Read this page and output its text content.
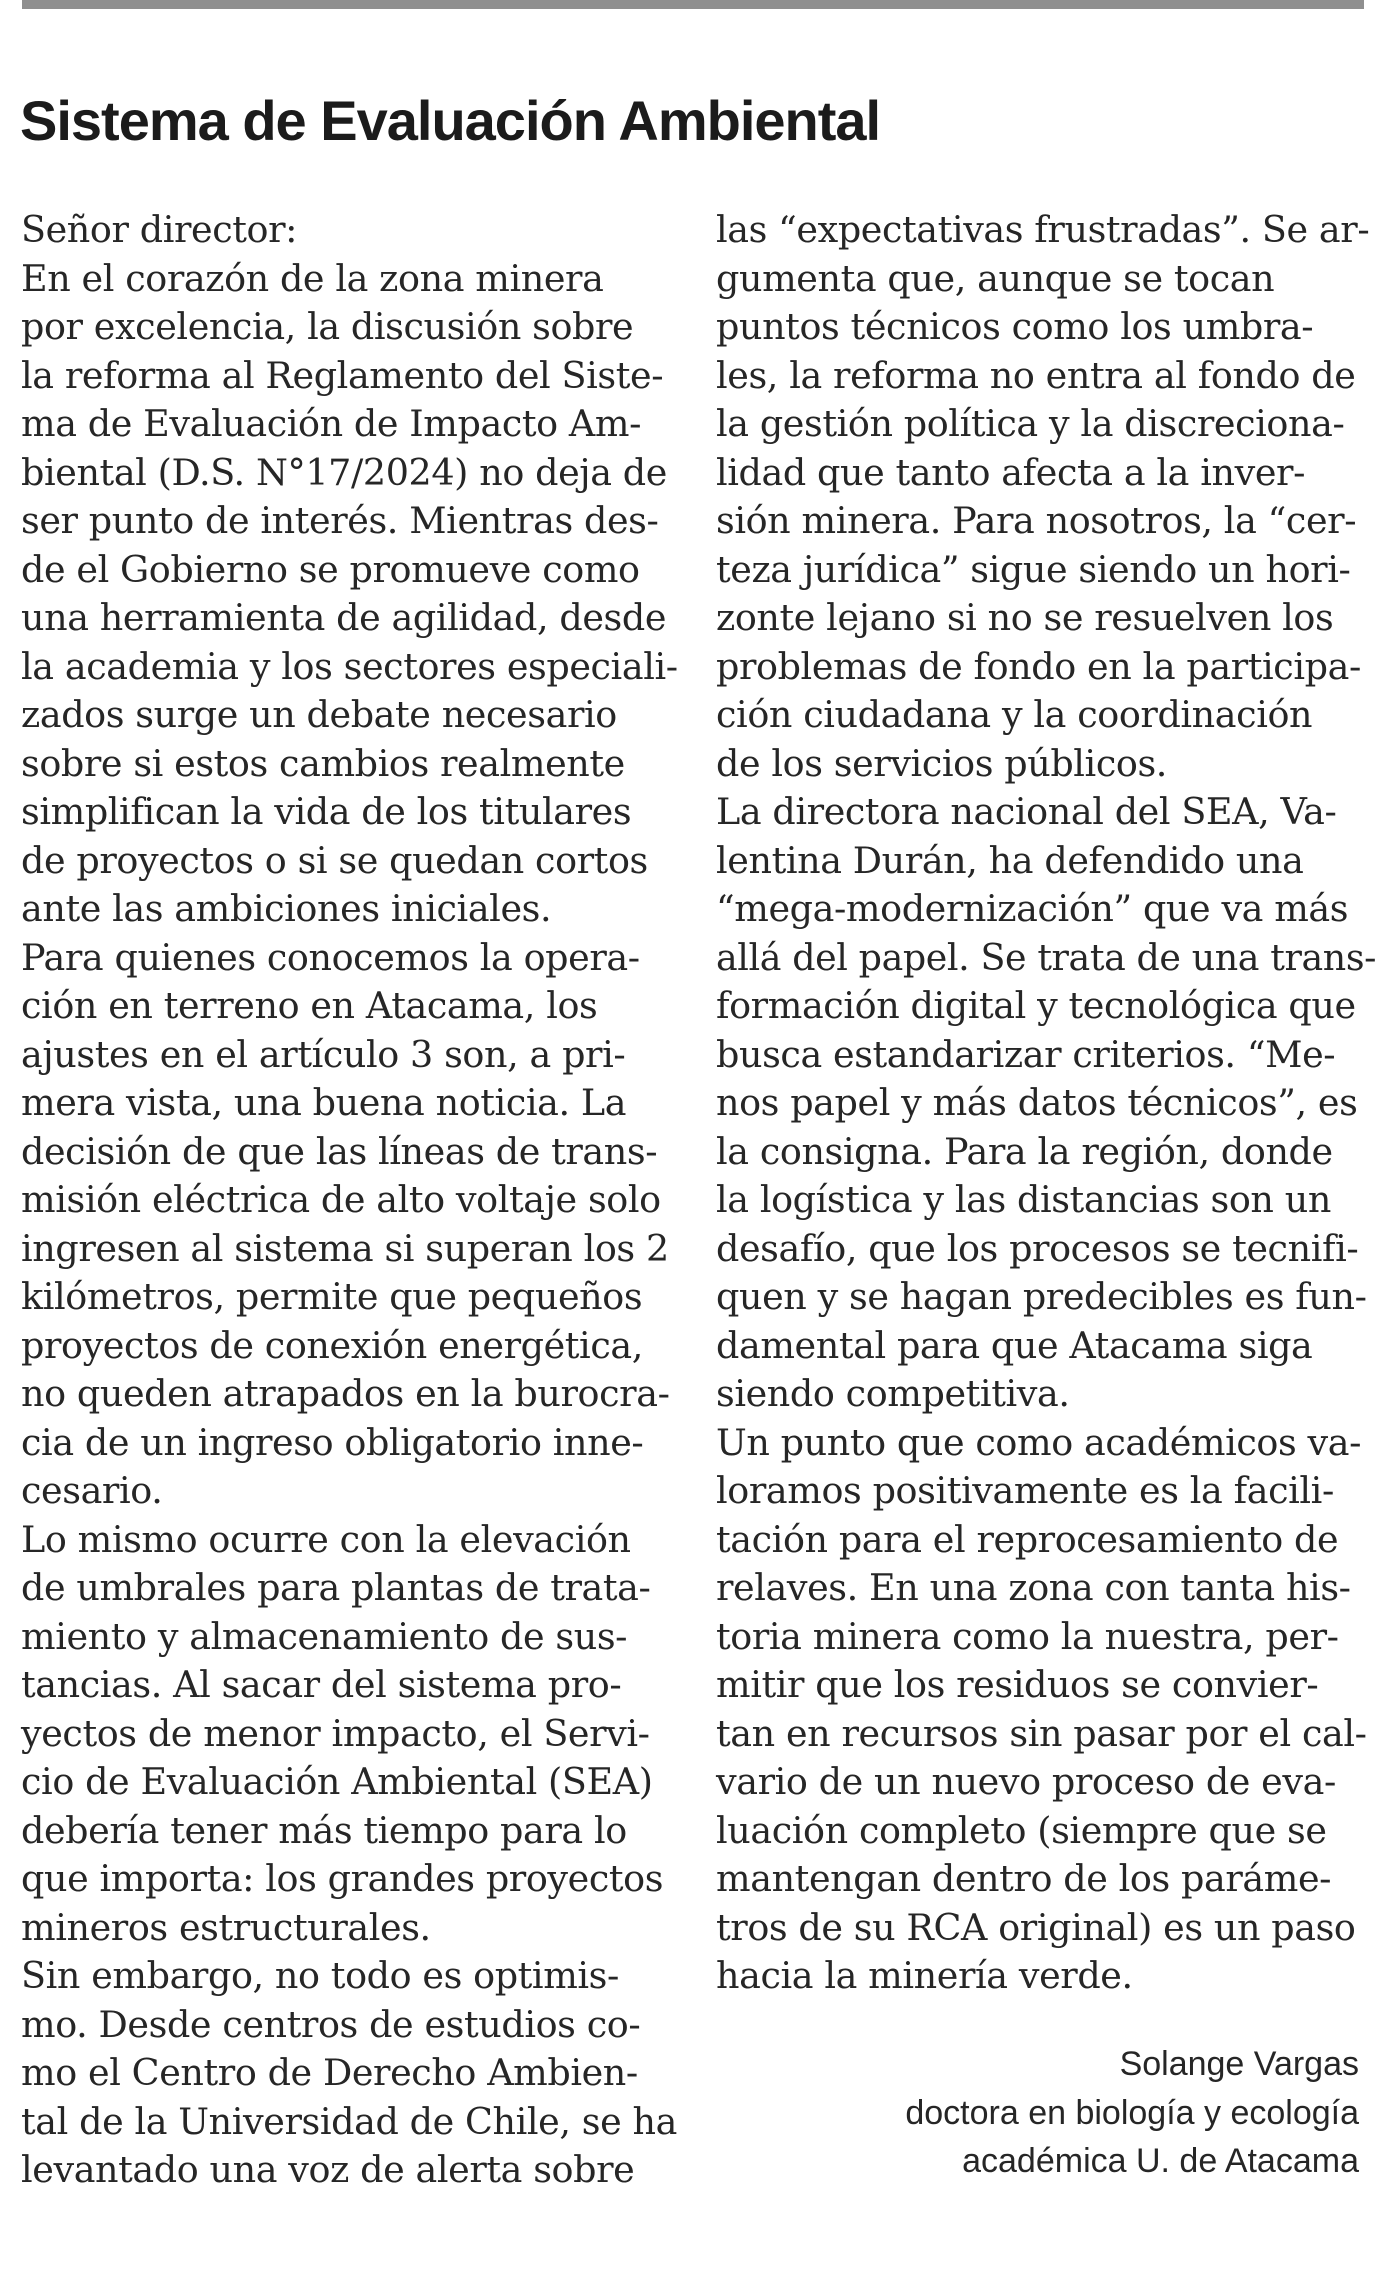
Sistema de Evaluación Ambiental
Señor director:
En el corazón de la zona minera
por excelencia, la discusión sobre
la reforma al Reglamento del Siste-
ma de Evaluación de Impacto Am-
biental (D.S. N°17/2024) no deja de
ser punto de interés. Mientras des-
de el Gobierno se promueve como
una herramienta de agilidad, desde
la academia y los sectores especiali-
zados surge un debate necesario
sobre si estos cambios realmente
simplifican la vida de los titulares
de proyectos o si se quedan cortos
ante las ambiciones iniciales.
Para quienes conocemos la opera-
ción en terreno en Atacama, los
ajustes en el artículo 3 son, a pri-
mera vista, una buena noticia. La
decisión de que las líneas de trans-
misión eléctrica de alto voltaje solo
ingresen al sistema si superan los 2
kilómetros, permite que pequeños
proyectos de conexión energética,
no queden atrapados en la burocra-
cia de un ingreso obligatorio inne-
cesario.
Lo mismo ocurre con la elevación
de umbrales para plantas de trata-
miento y almacenamiento de sus-
tancias. Al sacar del sistema pro-
yectos de menor impacto, el Servi-
cio de Evaluación Ambiental (SEA)
debería tener más tiempo para lo
que importa: los grandes proyectos
mineros estructurales.
Sin embargo, no todo es optimis-
mo. Desde centros de estudios co-
mo el Centro de Derecho Ambien-
tal de la Universidad de Chile, se ha
levantado una voz de alerta sobre
las “expectativas frustradas”. Se ar-
gumenta que, aunque se tocan
puntos técnicos como los umbra-
les, la reforma no entra al fondo de
la gestión política y la discreciona-
lidad que tanto afecta a la inver-
sión minera. Para nosotros, la “cer-
teza jurídica” sigue siendo un hori-
zonte lejano si no se resuelven los
problemas de fondo en la participa-
ción ciudadana y la coordinación
de los servicios públicos.
La directora nacional del SEA, Va-
lentina Durán, ha defendido una
“mega-modernización” que va más
allá del papel. Se trata de una trans-
formación digital y tecnológica que
busca estandarizar criterios. “Me-
nos papel y más datos técnicos”, es
la consigna. Para la región, donde
la logística y las distancias son un
desafío, que los procesos se tecnifi-
quen y se hagan predecibles es fun-
damental para que Atacama siga
siendo competitiva.
Un punto que como académicos va-
loramos positivamente es la facili-
tación para el reprocesamiento de
relaves. En una zona con tanta his-
toria minera como la nuestra, per-
mitir que los residuos se convier-
tan en recursos sin pasar por el cal-
vario de un nuevo proceso de eva-
luación completo (siempre que se
mantengan dentro de los paráme-
tros de su RCA original) es un paso
hacia la minería verde.
Solange Vargas
doctora en biología y ecología
académica U. de Atacama
